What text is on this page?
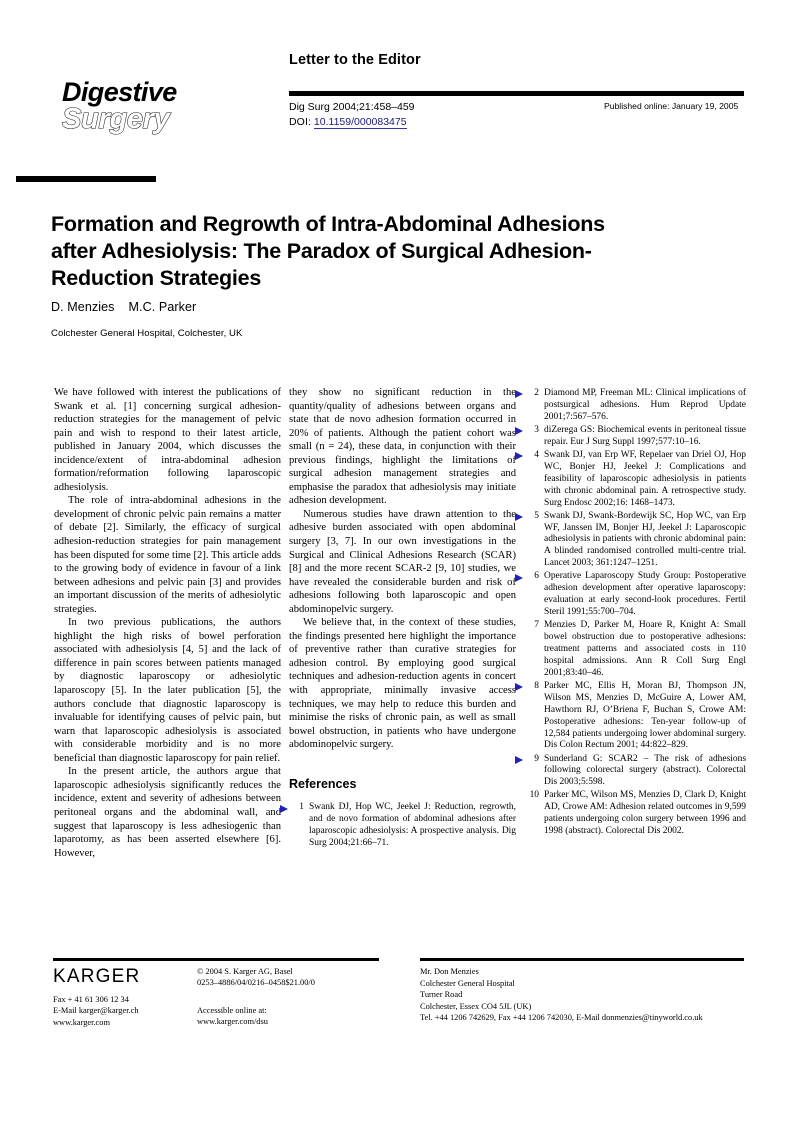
Digestive
Surgery
Letter to the Editor
Dig Surg 2004;21:458–459
DOI: 10.1159/000083475
Published online: January 19, 2005
Formation and Regrowth of Intra-Abdominal Adhesions after Adhesiolysis: The Paradox of Surgical Adhesion-Reduction Strategies
D. Menzies M.C. Parker
Colchester General Hospital, Colchester, UK

We have followed with interest the publications of Swank et al. [1] concerning surgical adhesion-reduction strategies for the management of pelvic pain and wish to respond to their latest article, published in January 2004, which discusses the incidence/extent of intra-abdominal adhesion formation/reformation following laparoscopic adhesiolysis.

The role of intra-abdominal adhesions in the development of chronic pelvic pain remains a matter of debate [2]. Similarly, the efficacy of surgical adhesion-reduction strategies for pain management has been disputed for some time [2]. This article adds to the growing body of evidence in favour of a link between adhesions and pelvic pain [3] and provides an important discussion of the merits of adhesiolytic strategies.

In two previous publications, the authors highlight the high risks of bowel perforation associated with adhesiolysis [4, 5] and the lack of difference in pain scores between patients managed by diagnostic laparoscopy or adhesiolytic laparoscopy [5]. In the later publication [5], the authors conclude that diagnostic laparoscopy is invaluable for identifying causes of pelvic pain, but warn that laparoscopic adhesiolysis is associated with considerable morbidity and is no more beneficial than diagnostic laparoscopy for pain relief.

In the present article, the authors argue that laparoscopic adhesiolysis significantly reduces the incidence, extent and severity of adhesions between peritoneal organs and the abdominal wall, and suggest that laparoscopy is less adhesiogenic than laparotomy, as has been asserted elsewhere [6]. However,

they show no significant reduction in the quantity/quality of adhesions between organs and state that de novo adhesion formation occurred in 20% of patients. Although the patient cohort was small (n = 24), these data, in conjunction with their previous findings, highlight the limitations of surgical adhesion management strategies and emphasise the paradox that adhesiolysis may initiate adhesion development.

Numerous studies have drawn attention to the adhesive burden associated with open abdominal surgery [3, 7]. In our own investigations in the Surgical and Clinical Adhesions Research (SCAR) [8] and the more recent SCAR-2 [9, 10] studies, we have revealed the considerable burden and risk of adhesions following both laparoscopic and open abdominopelvic surgery.

We believe that, in the context of these studies, the findings presented here highlight the importance of preventive rather than curative strategies for adhesion control. By employing good surgical techniques and adhesion-reduction agents in concert with appropriate, minimally invasive access techniques, we may help to reduce this burden and minimise the risks of chronic pain, as well as small bowel obstruction, in patients who have undergone abdominopelvic surgery.

References
1 Swank DJ, Hop WC, Jeekel J: Reduction, regrowth, and de novo formation of abdominal adhesions after laparoscopic adhesiolysis: A prospective analysis. Dig Surg 2004;21:66–71.
2 Diamond MP, Freeman ML: Clinical implications of postsurgical adhesions. Hum Reprod Update 2001;7:567–576.
3 diZerega GS: Biochemical events in peritoneal tissue repair. Eur J Surg Suppl 1997;577:10–16.
4 Swank DJ, van Erp WF, Repelaer van Driel OJ, Hop WC, Bonjer HJ, Jeekel J: Complications and feasibility of laparoscopic adhesiolysis in patients with chronic abdominal pain. A retrospective study. Surg Endosc 2002;16: 1468–1473.
5 Swank DJ, Swank-Bordewijk SC, Hop WC, van Erp WF, Janssen IM, Bonjer HJ, Jeekel J: Laparoscopic adhesiolysis in patients with chronic abdominal pain: A blinded randomised controlled multi-centre trial. Lancet 2003; 361:1247–1251.
6 Operative Laparoscopy Study Group: Postoperative adhesion development after operative laparoscopy: evaluation at early second-look procedures. Fertil Steril 1991;55:700–704.
7 Menzies D, Parker M, Hoare R, Knight A: Small bowel obstruction due to postoperative adhesions: treatment patterns and associated costs in 110 hospital admissions. Ann R Coll Surg Engl 2001;83:40–46.
8 Parker MC, Ellis H, Moran BJ, Thompson JN, Wilson MS, Menzies D, McGuire A, Lower AM, Hawthorn RJ, O’Briena F, Buchan S, Crowe AM: Postoperative adhesions: Ten-year follow-up of 12,584 patients undergoing lower abdominal surgery. Dis Colon Rectum 2001; 44:822–829.
9 Sunderland G: SCAR2 – The risk of adhesions following colorectal surgery (abstract). Colorectal Dis 2003;5:598.
10 Parker MC, Wilson MS, Menzies D, Clark D, Knight AD, Crowe AM: Adhesion related outcomes in 9,599 patients undergoing colon surgery between 1996 and 1998 (abstract). Colorectal Dis 2002.
KARGER
Fax + 41 61 306 12 34
E-Mail karger@karger.ch
www.karger.com
© 2004 S. Karger AG, Basel
0253–4886/04/0216–0458$21.00/0
Accessible online at:
www.karger.com/dsu
Mr. Don Menzies
Colchester General Hospital
Turner Road
Colchester, Essex CO4 5JL (UK)
Tel. +44 1206 742629, Fax +44 1206 742030, E-Mail donmenzies@tinyworld.co.uk
